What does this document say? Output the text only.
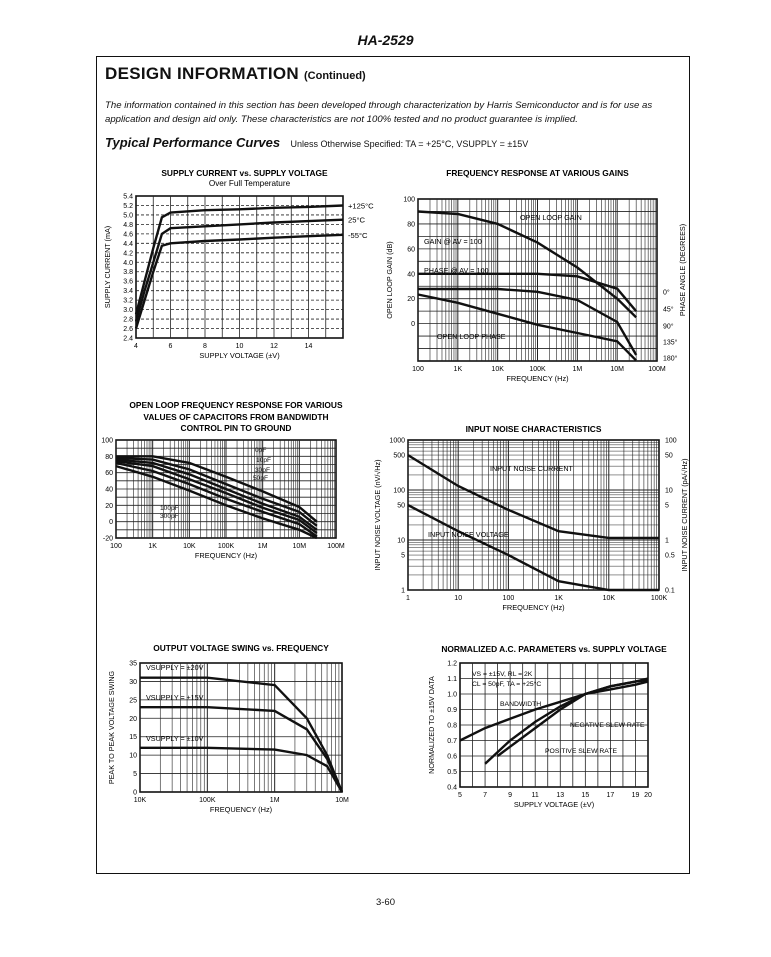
HA-2529
DESIGN INFORMATION (Continued)
The information contained in this section has been developed through characterization by Harris Semiconductor and is for use as application and design aid only. These characteristics are not 100% tested and no product guarantee is implied.
Typical Performance Curves Unless Otherwise Specified: TA = +25°C, VSUPPLY = ±15V
SUPPLY CURRENT vs. SUPPLY VOLTAGE
Over Full Temperature
4	6	8	10	12	14
2.4
2.6
2.8
3.0
3.2
3.4
3.6
3.8
4.0
4.2
4.4
4.6
4.8
5.0
5.2
5.4
SUPPLY VOLTAGE (±V)
SUPPLY CURRENT (mA)
+125°C
25°C
-55°C
FREQUENCY RESPONSE AT VARIOUS GAINS
100	1K	10K	100K	1M	10M	100M
0
20
40
60
80
100
0°
45°
90°
135°
180°
FREQUENCY (Hz)
OPEN LOOP GAIN (dB)	PHASE ANGLE (DEGREES)
OPEN LOOP GAIN
GAIN @ AV = 100
PHASE @ AV = 100
OPEN LOOP PHASE
OPEN LOOP FREQUENCY RESPONSE FOR VARIOUS
VALUES OF CAPACITORS FROM BANDWIDTH
CONTROL PIN TO GROUND
100	1K	10K	100K	1M	10M	100M
-20
0
20
40
60
80
100
FREQUENCY (Hz)
0pF
10pF
30pF
50pF
100pF
300pF
INPUT NOISE CHARACTERISTICS
1	10	100	1K	10K	100K
1
5
10
50
100
500
1000
0.1
0.5
1
5
10
50
100
FREQUENCY (Hz)
INPUT NOISE VOLTAGE (nV/√Hz)	INPUT NOISE CURRENT (pA/√Hz)
INPUT NOISE CURRENT
INPUT NOISE VOLTAGE
OUTPUT VOLTAGE SWING vs. FREQUENCY
10K	100K	1M	10M
0
5
10
15
20
25
30
35
FREQUENCY (Hz)
PEAK TO PEAK VOLTAGE SWING
VSUPPLY = ±20V
VSUPPLY = ±15V
VSUPPLY = ±10V
NORMALIZED A.C. PARAMETERS vs. SUPPLY VOLTAGE
5	7	9	11	13 15 17 19 20
0.4
0.5
0.6
0.7
0.8
0.9
1.0
1.1
1.2
SUPPLY VOLTAGE (±V)
NORMALIZED TO ±15V DATA	BANDWIDTH
NEGATIVE SLEW RATE
POSITIVE SLEW RATE
VS = ±15V, RL = 2K
CL = 50pF, TA = +25°C
3-60
